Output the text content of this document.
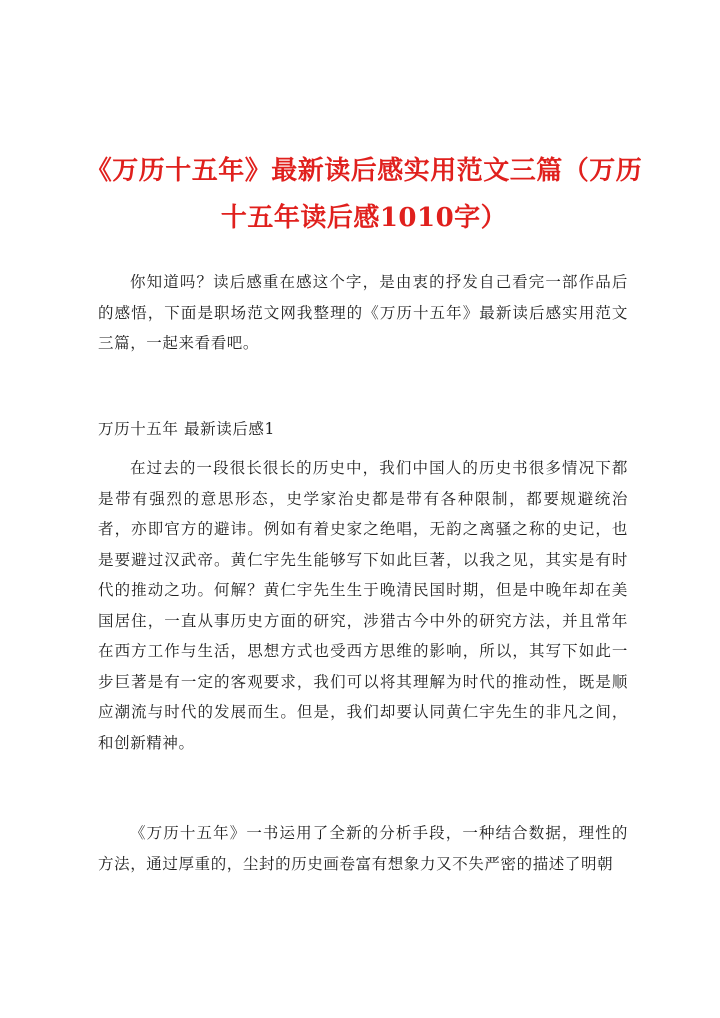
《万历十五年》最新读后感实用范文三篇（万历十五年读后感1010字）

你知道吗？读后感重在感这个字，是由衷的抒发自己看完一部作品后的感悟，下面是职场范文网我整理的《万历十五年》最新读后感实用范文三篇，一起来看看吧。

万历十五年 最新读后感1

在过去的一段很长很长的历史中，我们中国人的历史书很多情况下都是带有强烈的意思形态，史学家治史都是带有各种限制，都要规避统治者，亦即官方的避讳。例如有着史家之绝唱，无韵之离骚之称的史记，也是要避过汉武帝。黄仁宇先生能够写下如此巨著，以我之见，其实是有时代的推动之功。何解？黄仁宇先生生于晚清民国时期，但是中晚年却在美国居住，一直从事历史方面的研究，涉猎古今中外的研究方法，并且常年在西方工作与生活，思想方式也受西方思维的影响，所以，其写下如此一步巨著是有一定的客观要求，我们可以将其理解为时代的推动性，既是顺应潮流与时代的发展而生。但是，我们却要认同黄仁宇先生的非凡之间，和创新精神。

《万历十五年》一书运用了全新的分析手段，一种结合数据，理性的方法，通过厚重的，尘封的历史画卷富有想象力又不失严密的描述了明朝
